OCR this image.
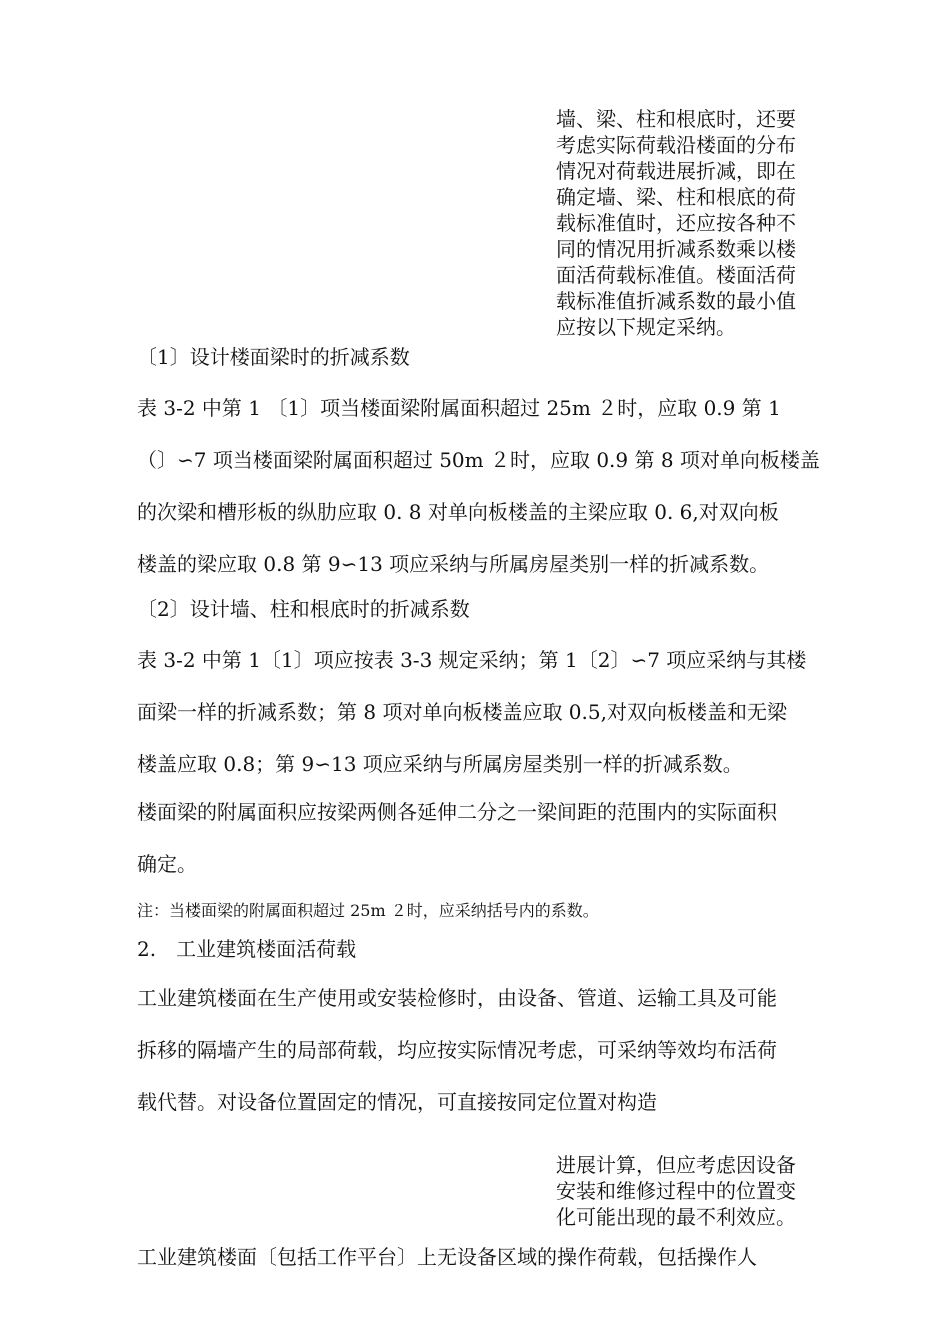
墙、梁、柱和根底时，还要
考虑实际荷载沿楼面的分布
情况对荷载进展折减，即在
确定墙、梁、柱和根底的荷
载标准值时，还应按各种不
同的情况用折减系数乘以楼
面活荷载标准值。楼面活荷
载标准值折减系数的最小值
应按以下规定采纳。

〔1〕设计楼面梁时的折减系数

表 3-2 中第 1 〔1〕项当楼面梁附属面积超过 25m ２时，应取 0.9 第 1
（〕∽7 项当楼面梁附属面积超过 50m ２时，应取 0.9 第 8 项对单向板楼盖
的次梁和槽形板的纵肋应取 0. 8 对单向板楼盖的主梁应取 0. 6,对双向板
楼盖的梁应取 0.8 第 9∽13 项应采纳与所属房屋类别一样的折减系数。

〔2〕设计墙、柱和根底时的折减系数

表 3-2 中第 1〔1〕项应按表 3-3 规定采纳；第 1〔2〕∽7 项应采纳与其楼
面梁一样的折减系数；第 8 项对单向板楼盖应取 0.5,对双向板楼盖和无梁
楼盖应取 0.8；第 9∽13 项应采纳与所属房屋类别一样的折减系数。

楼面梁的附属面积应按梁两侧各延伸二分之一梁间距的范围内的实际面积
确定。

注：当楼面梁的附属面积超过 25m ２时，应采纳括号内的系数。

2.　工业建筑楼面活荷载

工业建筑楼面在生产使用或安装检修时，由设备、管道、运输工具及可能
拆移的隔墙产生的局部荷载，均应按实际情况考虑，可采纳等效均布活荷
载代替。对设备位置固定的情况，可直接按同定位置对构造

进展计算，但应考虑因设备
安装和维修过程中的位置变
化可能出现的最不利效应。

工业建筑楼面〔包括工作平台〕上无设备区域的操作荷载，包括操作人
